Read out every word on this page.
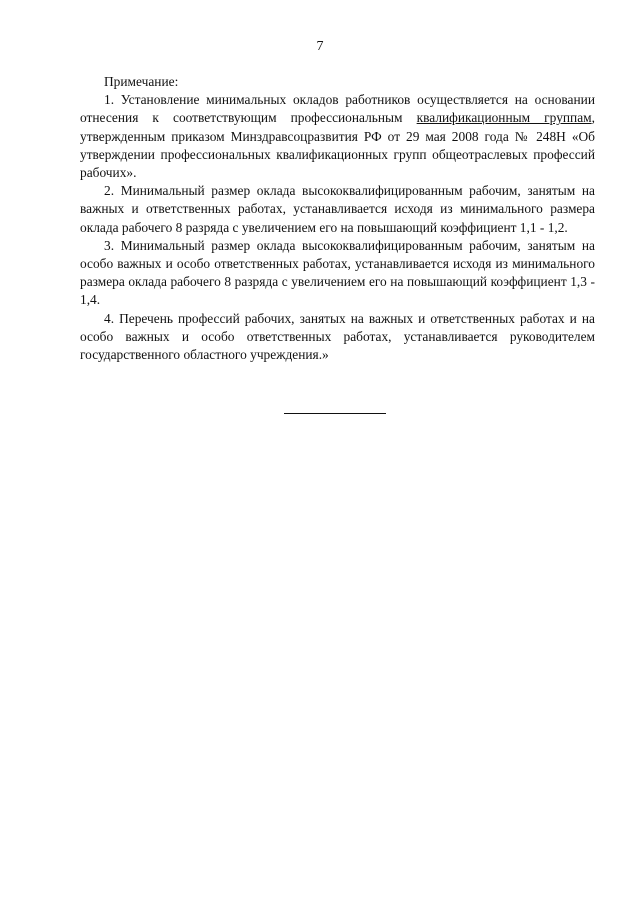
7

Примечание:

1. Установление минимальных окладов работников осуществляется на основании отнесения к соответствующим профессиональным квалификационным группам, утвержденным приказом Минздравсоцразвития РФ от 29 мая 2008 года № 248Н «Об утверждении профессиональных квалификационных групп общеотраслевых профессий рабочих».

2. Минимальный размер оклада высококвалифицированным рабочим, занятым на важных и ответственных работах, устанавливается исходя из минимального размера оклада рабочего 8 разряда с увеличением его на повышающий коэффициент 1,1 - 1,2.

3. Минимальный размер оклада высококвалифицированным рабочим, занятым на особо важных и особо ответственных работах, устанавливается исходя из минимального размера оклада рабочего 8 разряда с увеличением его на повышающий коэффициент 1,3 - 1,4.

4. Перечень профессий рабочих, занятых на важных и ответственных работах и на особо важных и особо ответственных работах, устанавливается руководителем государственного областного учреждения.»
